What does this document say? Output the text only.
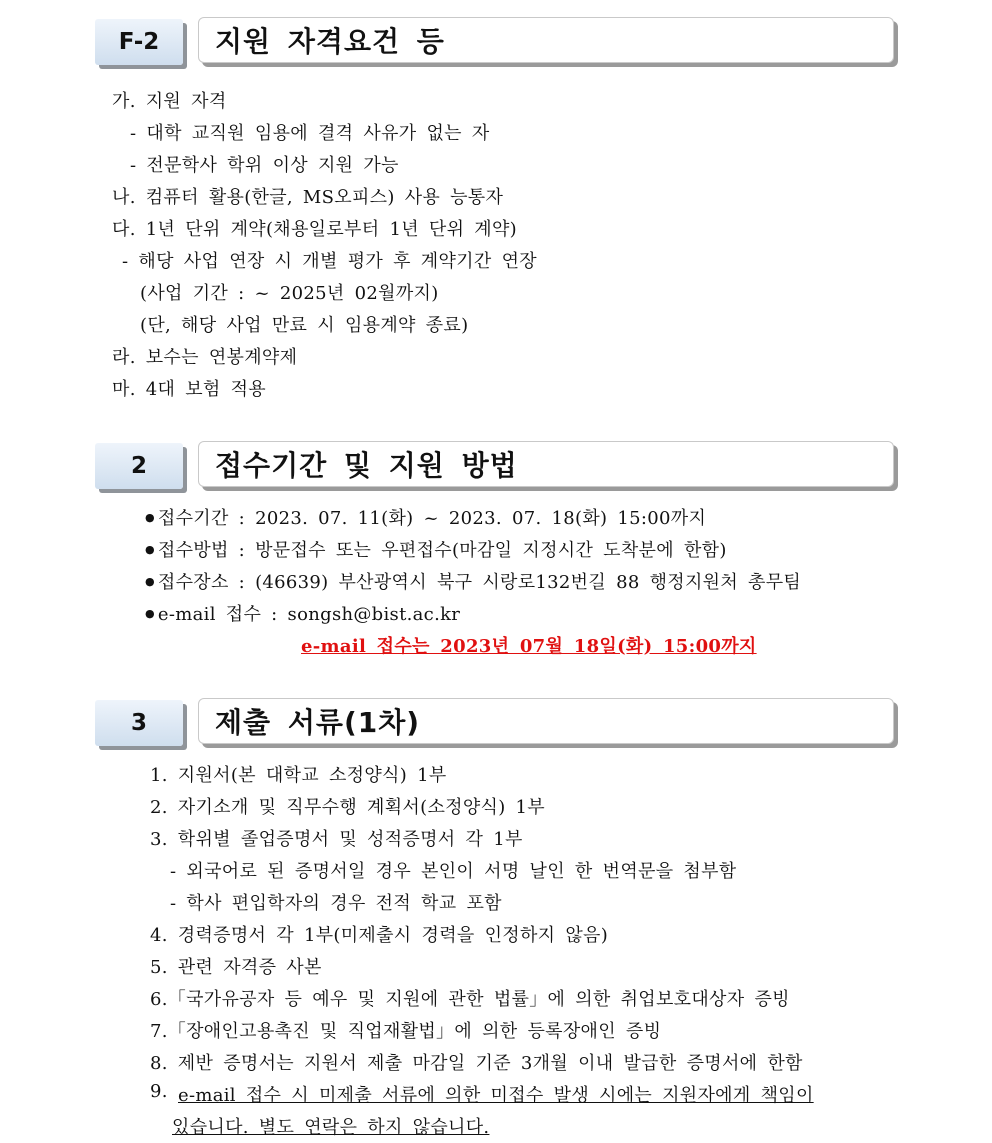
F-2	지원 자격요건 등
가. 지원 자격
- 대학 교직원 임용에 결격 사유가 없는 자
- 전문학사 학위 이상 지원 가능
나. 컴퓨터 활용(한글, MS오피스) 사용 능통자
다. 1년 단위 계약(채용일로부터 1년 단위 계약)
- 해당 사업 연장 시 개별 평가 후 계약기간 연장
(사업 기간 : ~ 2025년 02월까지)
(단, 해당 사업 만료 시 임용계약 종료)
라. 보수는 연봉계약제
마. 4대 보험 적용
2	접수기간 및 지원 방법
● 접수기간 : 2023. 07. 11(화) ~ 2023. 07. 18(화) 15:00까지
● 접수방법 : 방문접수 또는 우편접수(마감일 지정시간 도착분에 한함)
● 접수장소 : (46639) 부산광역시 북구 시랑로132번길 88 행정지원처 총무팀
● e-mail 접수 : songsh@bist.ac.kr
e-mail 접수는 2023년 07월 18일(화) 15:00까지
3	제출 서류(1차)
1. 지원서(본 대학교 소정양식) 1부
2. 자기소개 및 직무수행 계획서(소정양식) 1부
3. 학위별 졸업증명서 및 성적증명서 각 1부
- 외국어로 된 증명서일 경우 본인이 서명 날인 한 번역문을 첨부함
- 학사 편입학자의 경우 전적 학교 포함
4. 경력증명서 각 1부(미제출시 경력을 인정하지 않음)
5. 관련 자격증 사본
6.「국가유공자 등 예우 및 지원에 관한 법률」에 의한 취업보호대상자 증빙
7.「장애인고용촉진 및 직업재활법」에 의한 등록장애인 증빙
8. 제반 증명서는 지원서 제출 마감일 기준 3개월 이내 발급한 증명서에 한함
9. e-mail 접수 시 미제출 서류에 의한 미접수 발생 시에는 지원자에게 책임이
있습니다. 별도 연락은 하지 않습니다.
